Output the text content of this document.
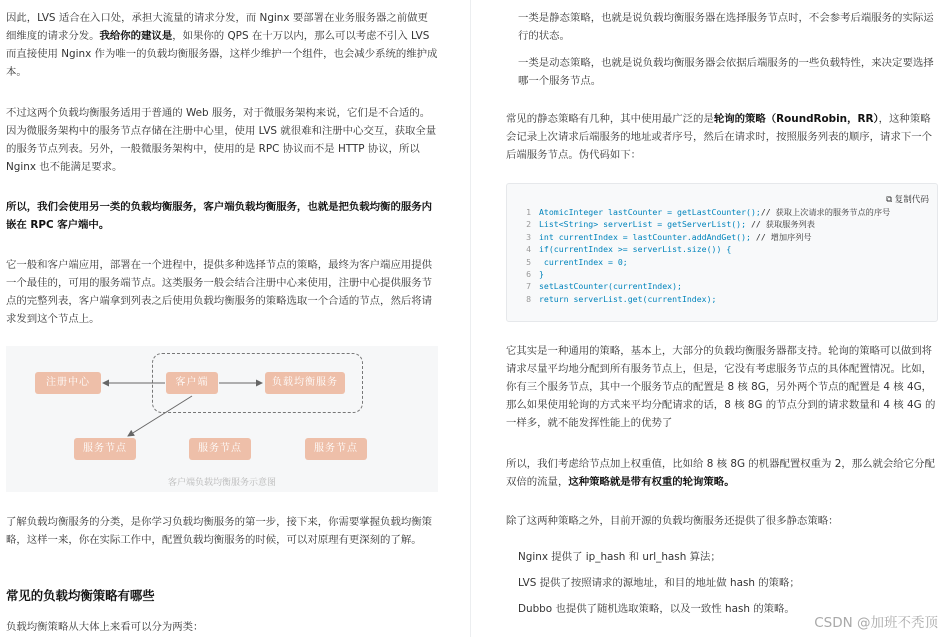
因此，LVS 适合在入口处，承担大流量的请求分发，而 Nginx 要部署在业务服务器之前做更细维度的请求分发。我给你的建议是，如果你的 QPS 在十万以内，那么可以考虑不引入 LVS 而直接使用 Nginx 作为唯一的负载均衡服务器，这样少维护一个组件，也会减少系统的维护成本。

不过这两个负载均衡服务适用于普通的 Web 服务，对于微服务架构来说，它们是不合适的。因为微服务架构中的服务节点存储在注册中心里，使用 LVS 就很难和注册中心交互，获取全量的服务节点列表。另外，一般微服务架构中，使用的是 RPC 协议而不是 HTTP 协议，所以 Nginx 也不能满足要求。

所以，我们会使用另一类的负载均衡服务，客户端负载均衡服务，也就是把负载均衡的服务内嵌在 RPC 客户端中。

它一般和客户端应用，部署在一个进程中，提供多种选择节点的策略，最终为客户端应用提供一个最佳的，可用的服务端节点。这类服务一般会结合注册中心来使用，注册中心提供服务节点的完整列表，客户端拿到列表之后使用负载均衡服务的策略选取一个合适的节点，然后将请求发到这个节点上。

注册中心	客户端	负载均衡服务
服务节点	服务节点	服务节点
客户端负载均衡服务示意图

了解负载均衡服务的分类，是你学习负载均衡服务的第一步，接下来，你需要掌握负载均衡策略，这样一来，你在实际工作中，配置负载均衡服务的时候，可以对原理有更深刻的了解。

常见的负载均衡策略有哪些

负载均衡策略从大体上来看可以分为两类：

一类是静态策略，也就是说负载均衡服务器在选择服务节点时，不会参考后端服务的实际运行的状态。

一类是动态策略，也就是说负载均衡服务器会依据后端服务的一些负载特性，来决定要选择哪一个服务节点。

常见的静态策略有几种，其中使用最广泛的是轮询的策略（RoundRobin，RR），这种策略会记录上次请求后端服务的地址或者序号，然后在请求时，按照服务列表的顺序，请求下一个后端服务节点。伪代码如下：

⧉ 复制代码
1 AtomicInteger lastCounter = getLastCounter();// 获取上次请求的服务节点的序号
2 List<String> serverList = getServerList(); // 获取服务列表
3 int currentIndex = lastCounter.addAndGet(); // 增加序列号
4 if(currentIndex >= serverList.size()) {
5 currentIndex = 0;
6 }
7 setLastCounter(currentIndex);
8 return serverList.get(currentIndex);

它其实是一种通用的策略，基本上，大部分的负载均衡服务器都支持。轮询的策略可以做到将请求尽量平均地分配到所有服务节点上，但是，它没有考虑服务节点的具体配置情况。比如，你有三个服务节点，其中一个服务节点的配置是 8 核 8G，另外两个节点的配置是 4 核 4G，那么如果使用轮询的方式来平均分配请求的话，8 核 8G 的节点分到的请求数量和 4 核 4G 的一样多，就不能发挥性能上的优势了

所以，我们考虑给节点加上权重值，比如给 8 核 8G 的机器配置权重为 2，那么就会给它分配双倍的流量，这种策略就是带有权重的轮询策略。

除了这两种策略之外，目前开源的负载均衡服务还提供了很多静态策略：

Nginx 提供了 ip_hash 和 url_hash 算法；

LVS 提供了按照请求的源地址，和目的地址做 hash 的策略；

Dubbo 也提供了随机选取策略，以及一致性 hash 的策略。

CSDN @加班不秃顶
